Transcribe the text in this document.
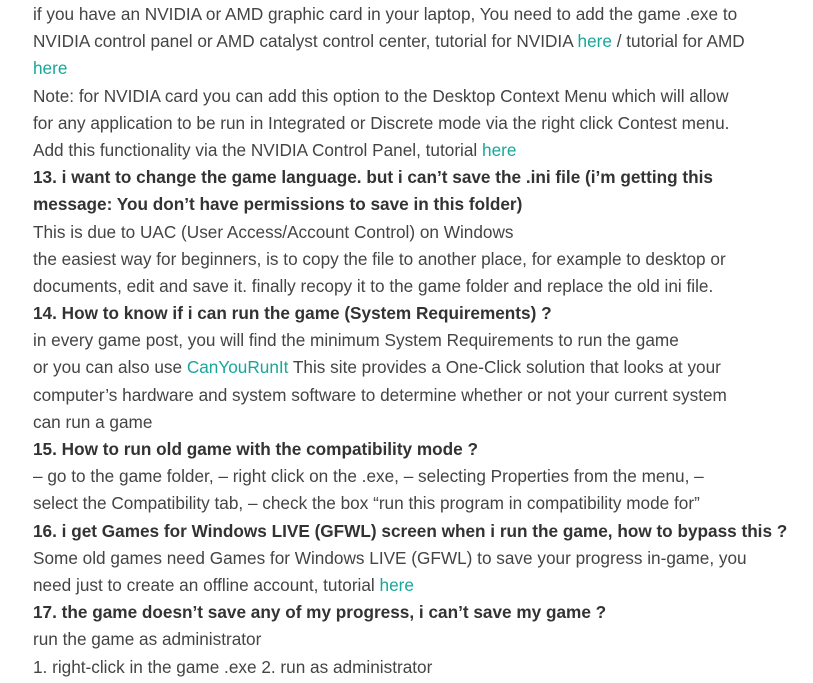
if you have an NVIDIA or AMD graphic card in your laptop, You need to add the game .exe to
NVIDIA control panel or AMD catalyst control center, tutorial for NVIDIA here / tutorial for AMD
here
Note: for NVIDIA card you can add this option to the Desktop Context Menu which will allow
for any application to be run in Integrated or Discrete mode via the right click Contest menu.
Add this functionality via the NVIDIA Control Panel, tutorial here
13. i want to change the game language. but i can’t save the .ini file (i’m getting this
message: You don’t have permissions to save in this folder)
This is due to UAC (User Access/Account Control) on Windows
the easiest way for beginners, is to copy the file to another place, for example to desktop or
documents, edit and save it. finally recopy it to the game folder and replace the old ini file.
14. How to know if i can run the game (System Requirements) ?
in every game post, you will find the minimum System Requirements to run the game
or you can also use CanYouRunIt This site provides a One-Click solution that looks at your
computer’s hardware and system software to determine whether or not your current system
can run a game
15. How to run old game with the compatibility mode ?
– go to the game folder, – right click on the .exe, – selecting Properties from the menu, –
select the Compatibility tab, – check the box “run this program in compatibility mode for”
16. i get Games for Windows LIVE (GFWL) screen when i run the game, how to bypass this ?
Some old games need Games for Windows LIVE (GFWL) to save your progress in-game, you
need just to create an offline account, tutorial here
17. the game doesn’t save any of my progress, i can’t save my game ?
run the game as administrator
1. right-click in the game .exe 2. run as administrator
